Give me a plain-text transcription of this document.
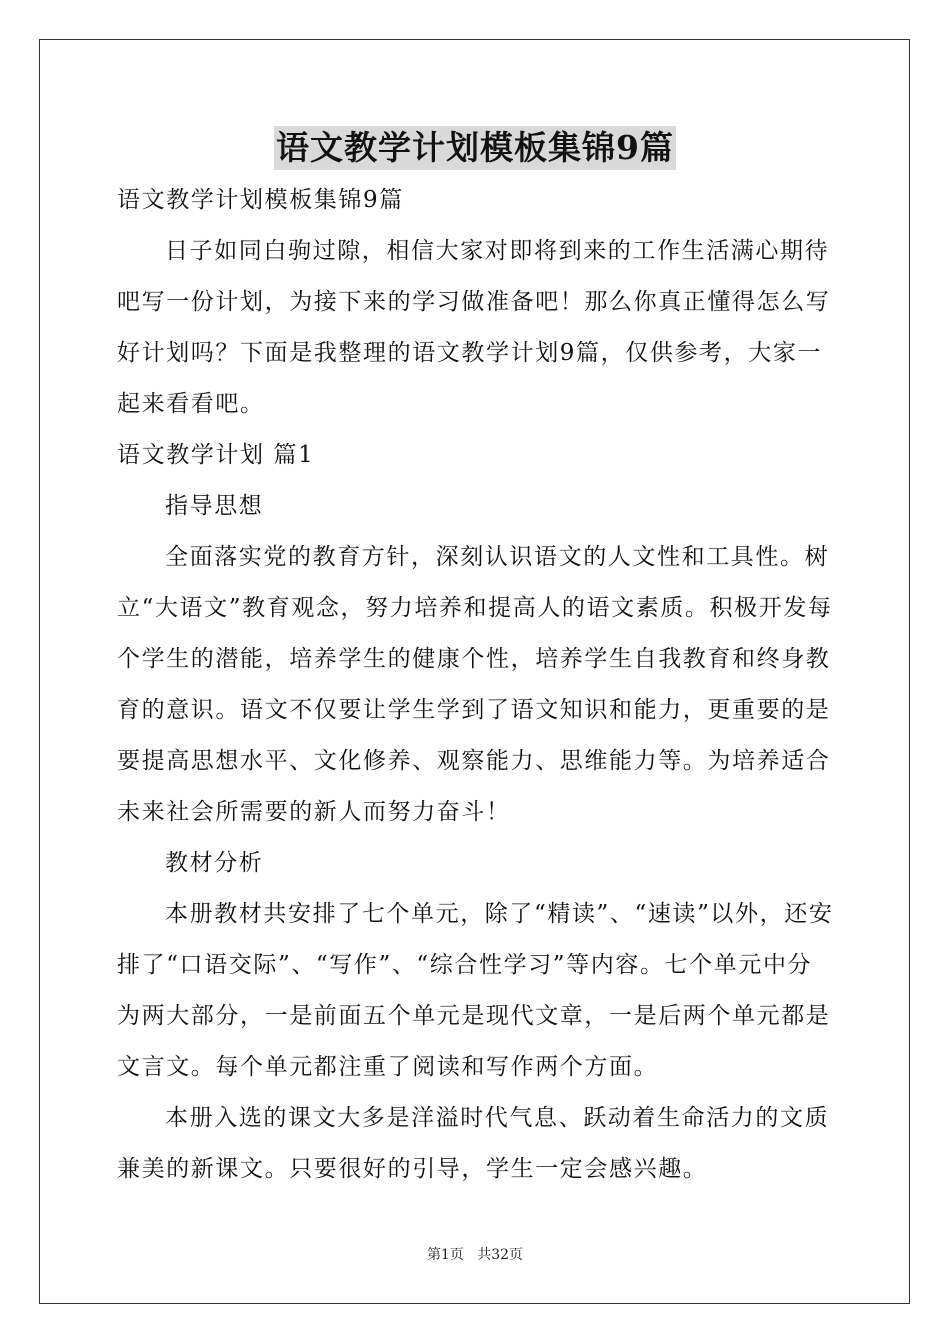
语文教学计划模板集锦9篇

语文教学计划模板集锦9篇

日子如同白驹过隙，相信大家对即将到来的工作生活满心期待吧写一份计划，为接下来的学习做准备吧！那么你真正懂得怎么写好计划吗？下面是我整理的语文教学计划9篇，仅供参考，大家一起来看看吧。

语文教学计划 篇1

指导思想

全面落实党的教育方针，深刻认识语文的人文性和工具性。树立“大语文”教育观念，努力培养和提高人的语文素质。积极开发每个学生的潜能，培养学生的健康个性，培养学生自我教育和终身教育的意识。语文不仅要让学生学到了语文知识和能力，更重要的是要提高思想水平、文化修养、观察能力、思维能力等。为培养适合未来社会所需要的新人而努力奋斗！

教材分析

本册教材共安排了七个单元，除了“精读”、“速读”以外，还安排了“口语交际”、“写作”、“综合性学习”等内容。七个单元中分为两大部分，一是前面五个单元是现代文章，一是后两个单元都是文言文。每个单元都注重了阅读和写作两个方面。

本册入选的课文大多是洋溢时代气息、跃动着生命活力的文质兼美的新课文。只要很好的引导，学生一定会感兴趣。

第1页 共32页
